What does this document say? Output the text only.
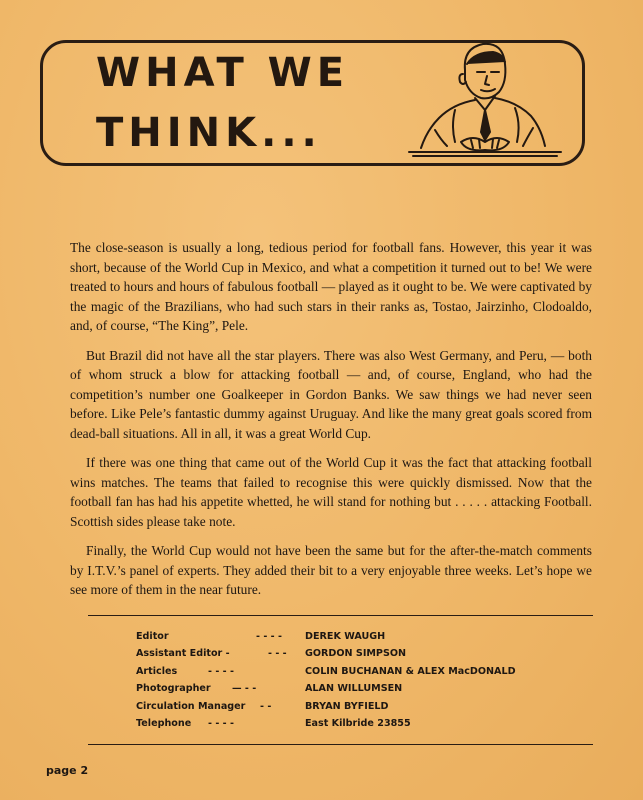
WHAT WE
THINK...

The close-season is usually a long, tedious period for football fans. However, this year it was short, because of the World Cup in Mexico, and what a competition it turned out to be! We were treated to hours and hours of fabulous football — played as it ought to be. We were captivated by the magic of the Brazilians, who had such stars in their ranks as, Tostao, Jairzinho, Clodoaldo, and, of course, “The King”, Pele.

But Brazil did not have all the star players. There was also West Germany, and Peru, — both of whom struck a blow for attacking football — and, of course, England, who had the competition’s number one Goalkeeper in Gordon Banks. We saw things we had never seen before. Like Pele’s fantastic dummy against Uruguay. And like the many great goals scored from dead-ball situations. All in all, it was a great World Cup.

If there was one thing that came out of the World Cup it was the fact that attacking football wins matches. The teams that failed to recognise this were quickly dismissed. Now that the football fan has had his appetite whetted, he will stand for nothing but . . . . . attacking Football. Scottish sides please take note.

Finally, the World Cup would not have been the same but for the after-the-match comments by I.T.V.’s panel of experts. They added their bit to a very enjoyable three weeks. Let’s hope we see more of them in the near future.

Editor	- - - - DEREK WAUGH
Assistant Editor -	- - - GORDON SIMPSON
Articles	- - - -	COLIN BUCHANAN & ALEX MacDONALD
Photographer — - -	ALAN WILLUMSEN
Circulation Manager - -	BRYAN BYFIELD
Telephone - - - -	East Kilbride 23855
page 2
